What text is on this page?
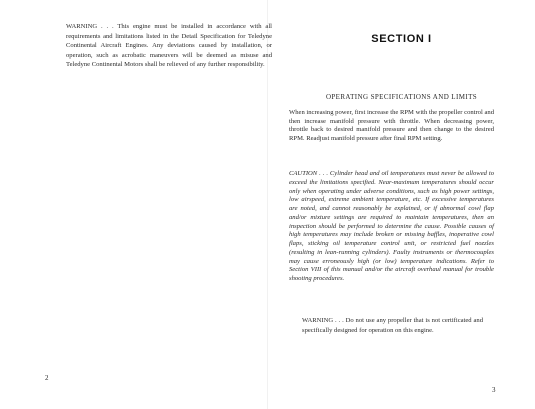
WARNING . . . This engine must be installed in accordance with all requirements and limitations listed in the Detail Specification for Teledyne Continental Aircraft Engines. Any deviations caused by installation, or operation, such as acrobatic maneuvers will be deemed as misuse and Teledyne Continental Motors shall be relieved of any further responsibility.
2
SECTION I
OPERATING SPECIFICATIONS AND LIMITS
When increasing power, first increase the RPM with the propeller control and then increase manifold pressure with throttle. When decreasing power, throttle back to desired manifold pressure and then change to the desired RPM. Readjust manifold pressure after final RPM setting.
CAUTION . . . Cylinder head and oil temperatures must never be allowed to exceed the limitations specified. Near-maximum temperatures should occur only when operating under adverse conditions, such as high power settings, low airspeed, extreme ambient temperature, etc. If excessive temperatures are noted, and cannot reasonably be explained, or if abnormal cowl flap and/or mixture settings are required to maintain temperatures, then an inspection should be performed to determine the cause. Possible causes of high temperatures may include broken or missing baffles, inoperative cowl flaps, sticking oil temperature control unit, or restricted fuel nozzles (resulting in lean-running cylinders). Faulty instruments or thermocouples may cause erroneously high (or low) temperature indications. Refer to Section VIII of this manual and/or the aircraft overhaul manual for trouble shooting procedures.
WARNING . . . Do not use any propeller that is not certificated and specifically designed for operation on this engine.
3
